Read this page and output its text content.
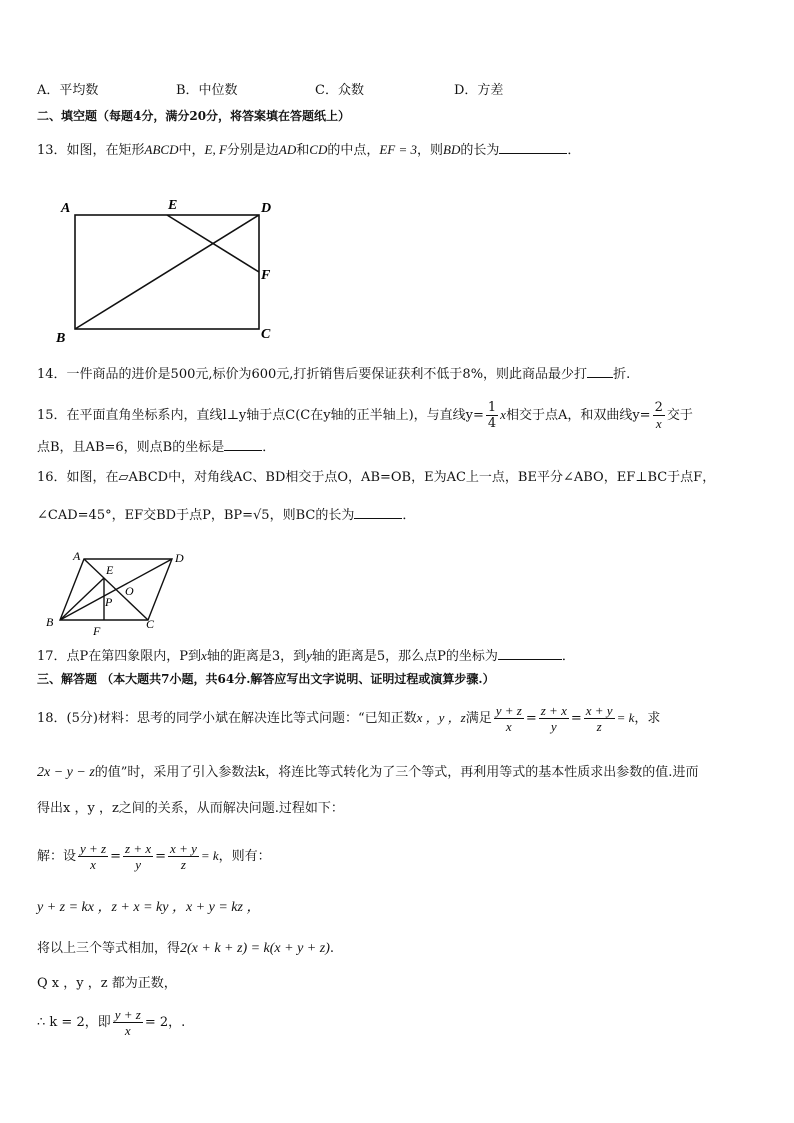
A．平均数	B．中位数	C．众数	D．方差
二、填空题（每题4分，满分20分，将答案填在答题纸上）
13．如图，在矩形ABCD中，E, F分别是边AD和CD的中点，EF = 3，则BD的长为	．
A	E	D
F
B	C
14．一件商品的进价是500元,标价为600元,打折销售后要保证获利不低于8%，则此商品最少打 折.
15．在平面直角坐标系内，直线l⊥y轴于点C(C在y轴的正半轴上)，与直线$y= \frac{1}{4}$ x相交于点A，和双曲线$y= \frac{2}{x}$ 交于
点B，且AB=6，则点B的坐标是	．
16．如图，在▱ABCD中，对角线AC、BD相交于点O，AB=OB，E为AC上一点，BE平分∠ABO，EF⊥BC于点F，
∠CAD=45°，EF交BD于点P，BP=√5，则BC的长为	．
A	D
E
O
P
B
F	C
17．点P在第四象限内，P到x轴的距离是3，到y轴的距离是5，那么点P的坐标为	．
三、解答题 （本大题共7小题，共64分.解答应写出文字说明、证明过程或演算步骤.）
18．(5分)材料：思考的同学小斌在解决连比等式问题：“已知正数x ，y ，z满足 $\frac{y + z}{x} = \frac{z + x}{y} = \frac{x + y}{z} = k$，求
2x − y − z的值”时，采用了引入参数法k，将连比等式转化为了三个等式，再利用等式的基本性质求出参数的值.进而
得出x ，y ，z之间的关系，从而解决问题.过程如下：
解：设 $\frac{y + z}{x} = \frac{z + x}{y} = \frac{x + y}{z} = k$，则有：
y + z = kx ，z + x = ky ，x + y = kz ，
将以上三个等式相加，得2(x + k + z) = k(x + y + z).
Q x ，y ，z 都为正数，
∴ k = 2，即 $\frac{y + z}{x} = 2$，.
